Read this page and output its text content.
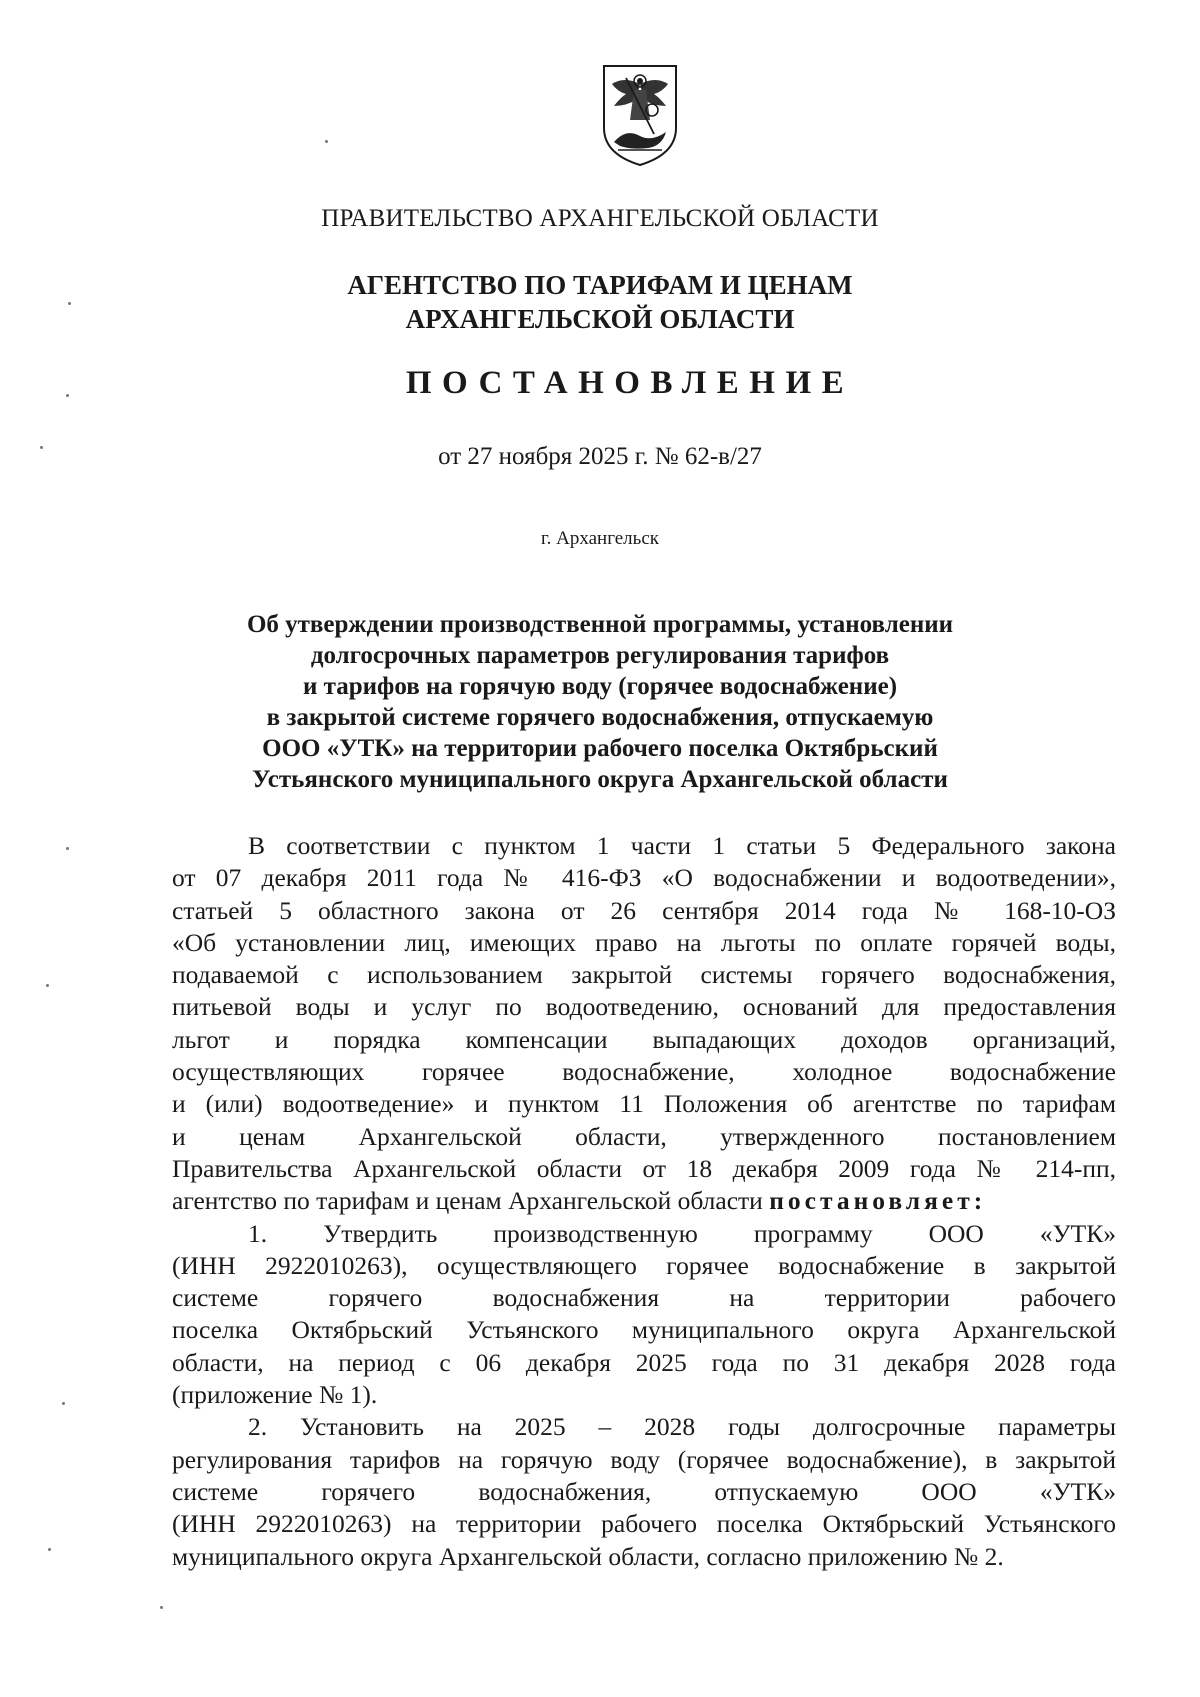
ПРАВИТЕЛЬСТВО АРХАНГЕЛЬСКОЙ ОБЛАСТИ
АГЕНТСТВО ПО ТАРИФАМ И ЦЕНАМ
АРХАНГЕЛЬСКОЙ ОБЛАСТИ
ПОСТАНОВЛЕНИЕ
от 27 ноября 2025 г. № 62-в/27
г. Архангельск
Об утверждении производственной программы, установлении
долгосрочных параметров регулирования тарифов
и тарифов на горячую воду (горячее водоснабжение)
в закрытой системе горячего водоснабжения, отпускаемую
ООО «УТК» на территории рабочего поселка Октябрьский
Устьянского муниципального округа Архангельской области
В соответствии с пунктом 1 части 1 статьи 5 Федерального закона
от 07 декабря 2011 года № 416-ФЗ «О водоснабжении и водоотведении»,
статьей 5 областного закона от 26 сентября 2014 года № 168-10-ОЗ
«Об установлении лиц, имеющих право на льготы по оплате горячей воды,
подаваемой с использованием закрытой системы горячего водоснабжения,
питьевой воды и услуг по водоотведению, оснований для предоставления
льгот и порядка компенсации выпадающих доходов организаций,
осуществляющих горячее водоснабжение, холодное водоснабжение
и (или) водоотведение» и пунктом 11 Положения об агентстве по тарифам
и ценам Архангельской области, утвержденного постановлением
Правительства Архангельской области от 18 декабря 2009 года № 214-пп,
агентство по тарифам и ценам Архангельской области постановляет:
1. Утвердить производственную программу ООО «УТК»
(ИНН 2922010263), осуществляющего горячее водоснабжение в закрытой
системе горячего водоснабжения на территории рабочего
поселка Октябрьский Устьянского муниципального округа Архангельской
области, на период с 06 декабря 2025 года по 31 декабря 2028 года
(приложение № 1).
2. Установить на 2025 – 2028 годы долгосрочные параметры
регулирования тарифов на горячую воду (горячее водоснабжение), в закрытой
системе горячего водоснабжения, отпускаемую ООО «УТК»
(ИНН 2922010263) на территории рабочего поселка Октябрьский Устьянского
муниципального округа Архангельской области, согласно приложению № 2.
